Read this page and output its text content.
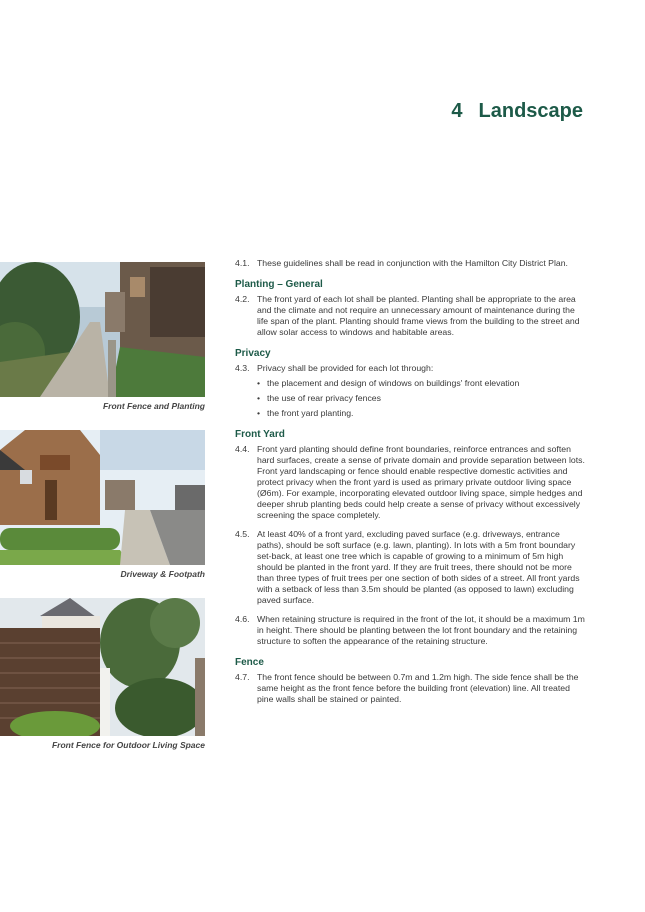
4 Landscape
Front Fence and Planting
Driveway & Footpath
Front Fence for Outdoor Living Space
4.1. These guidelines shall be read in conjunction with the Hamilton City District Plan.
Planting – General
4.2. The front yard of each lot shall be planted. Planting shall be appropriate to the area and the climate and not require an unnecessary amount of maintenance during the life span of the plant. Planting should frame views from the building to the street and allow solar access to windows and habitable areas.
Privacy
4.3. Privacy shall be provided for each lot through:
• the placement and design of windows on buildings' front elevation
• the use of rear privacy fences
• the front yard planting.
Front Yard
4.4. Front yard planting should define front boundaries, reinforce entrances and soften hard surfaces, create a sense of private domain and provide separation between lots. Front yard landscaping or fence should enable respective domestic activities and protect privacy when the front yard is used as primary private outdoor living space (Ø6m). For example, incorporating elevated outdoor living space, simple hedges and deeper shrub planting beds could help create a sense of privacy without excessively screening the space completely.
4.5. At least 40% of a front yard, excluding paved surface (e.g. driveways, entrance paths), should be soft surface (e.g. lawn, planting). In lots with a 5m front boundary set-back, at least one tree which is capable of growing to a minimum of 5m high should be planted in the front yard. If they are fruit trees, there should not be more than three types of fruit trees per one section of both sides of a street. All front yards with a setback of less than 3.5m should be planted (as opposed to lawn) excluding paved surface.
4.6. When retaining structure is required in the front of the lot, it should be a maximum 1m in height. There should be planting between the lot front boundary and the retaining structure to soften the appearance of the retaining structure.
Fence
4.7. The front fence should be between 0.7m and 1.2m high. The side fence shall be the same height as the front fence before the building front (elevation) line. All treated pine walls shall be stained or painted.
